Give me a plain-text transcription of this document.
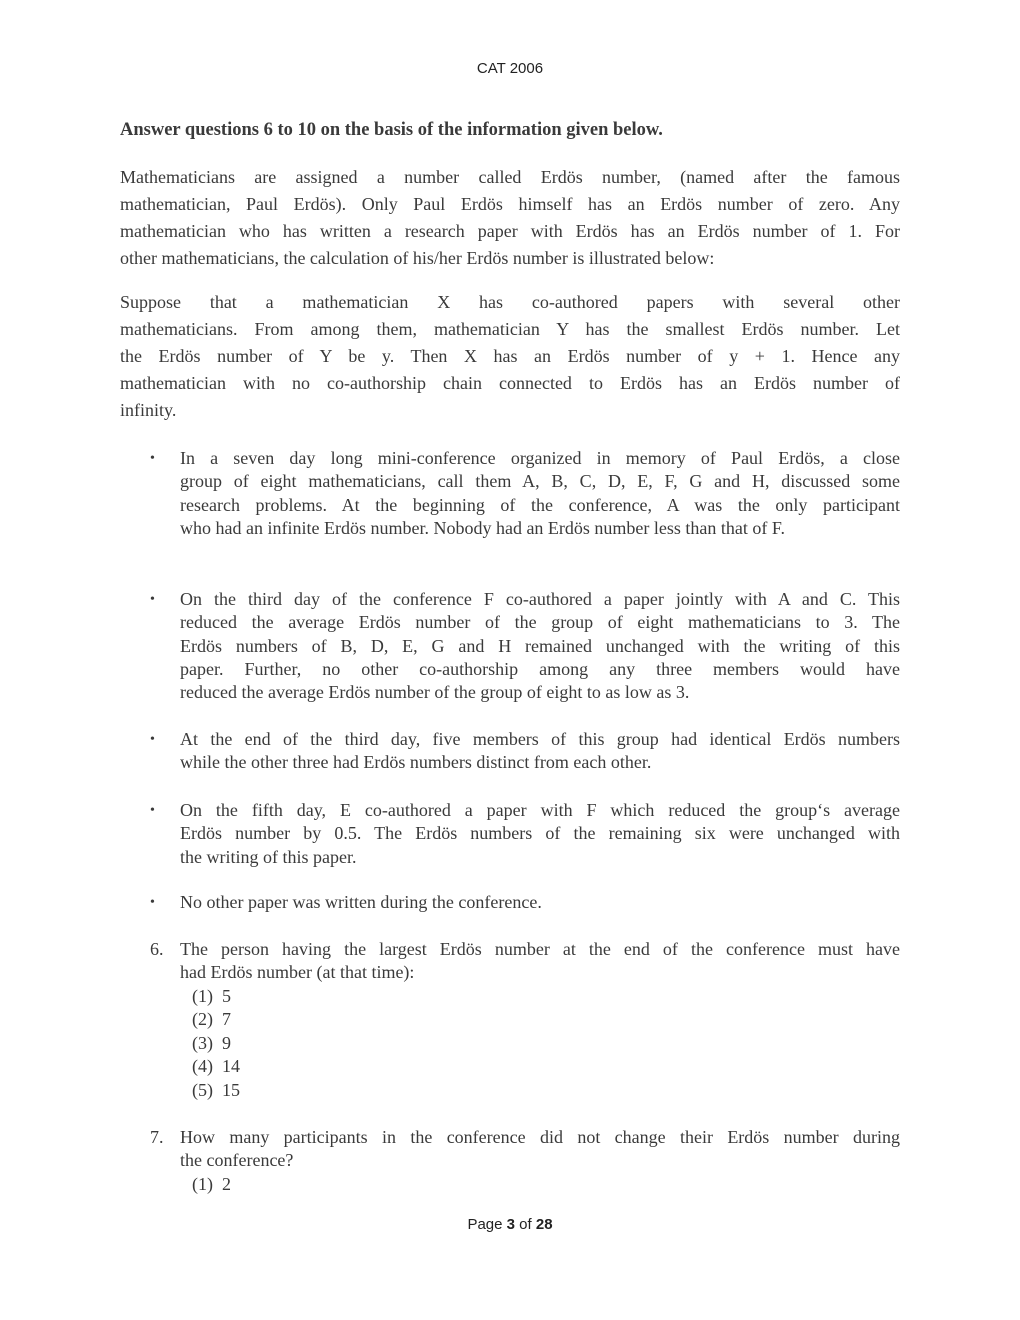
CAT 2006
Answer questions 6 to 10 on the basis of the information given below.
Mathematicians are assigned a number called Erdös number, (named after the famous
mathematician, Paul Erdös). Only Paul Erdös himself has an Erdös number of zero. Any
mathematician who has written a research paper with Erdös has an Erdös number of 1. For
other mathematicians, the calculation of his/her Erdös number is illustrated below:
Suppose that a mathematician X has co-authored papers with several other
mathematicians. From among them, mathematician Y has the smallest Erdös number. Let
the Erdös number of Y be y. Then X has an Erdös number of y + 1. Hence any
mathematician with no co-authorship chain connected to Erdös has an Erdös number of
infinity.
• In a seven day long mini-conference organized in memory of Paul Erdös, a close
group of eight mathematicians, call them A, B, C, D, E, F, G and H, discussed some
research problems. At the beginning of the conference, A was the only participant
who had an infinite Erdös number. Nobody had an Erdös number less than that of F.
• On the third day of the conference F co-authored a paper jointly with A and C. This
reduced the average Erdös number of the group of eight mathematicians to 3. The
Erdös numbers of B, D, E, G and H remained unchanged with the writing of this
paper. Further, no other co-authorship among any three members would have
reduced the average Erdös number of the group of eight to as low as 3.
• At the end of the third day, five members of this group had identical Erdös numbers
while the other three had Erdös numbers distinct from each other.
• On the fifth day, E co-authored a paper with F which reduced the group‘s average
Erdös number by 0.5. The Erdös numbers of the remaining six were unchanged with
the writing of this paper.
• No other paper was written during the conference.
6. The person having the largest Erdös number at the end of the conference must have
had Erdös number (at that time):
(1)  5
(2)  7
(3)  9
(4)  14
(5)  15
7. How many participants in the conference did not change their Erdös number during
the conference?
(1)  2
Page 3 of 28
